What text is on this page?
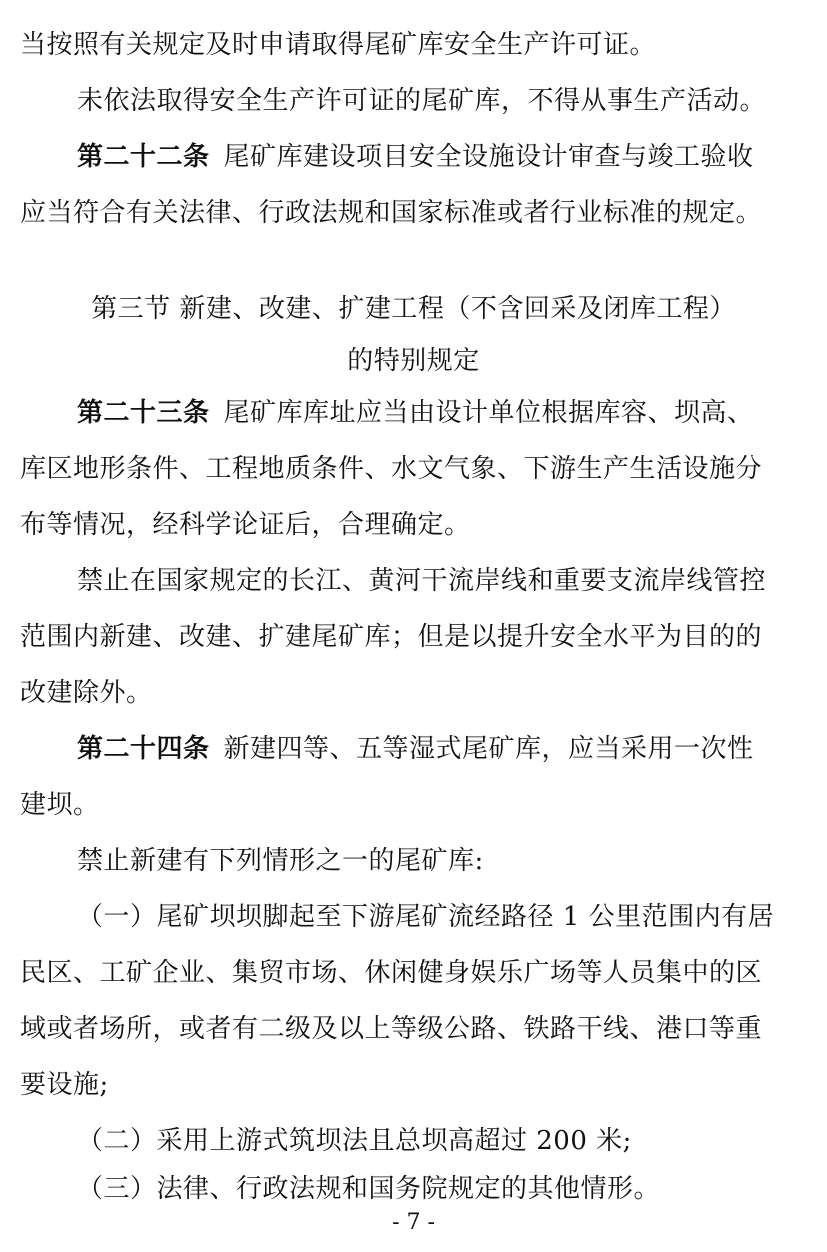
当按照有关规定及时申请取得尾矿库安全生产许可证。
未依法取得安全生产许可证的尾矿库，不得从事生产活动。
第二十二条 尾矿库建设项目安全设施设计审查与竣工验收
应当符合有关法律、行政法规和国家标准或者行业标准的规定。
第三节 新建、改建、扩建工程（不含回采及闭库工程）
的特别规定
第二十三条 尾矿库库址应当由设计单位根据库容、坝高、
库区地形条件、工程地质条件、水文气象、下游生产生活设施分
布等情况，经科学论证后，合理确定。
禁止在国家规定的长江、黄河干流岸线和重要支流岸线管控
范围内新建、改建、扩建尾矿库；但是以提升安全水平为目的的
改建除外。
第二十四条 新建四等、五等湿式尾矿库，应当采用一次性
建坝。
禁止新建有下列情形之一的尾矿库:
（一）尾矿坝坝脚起至下游尾矿流经路径 1 公里范围内有居
民区、工矿企业、集贸市场、休闲健身娱乐广场等人员集中的区
域或者场所，或者有二级及以上等级公路、铁路干线、港口等重
要设施;
（二）采用上游式筑坝法且总坝高超过 200 米;
（三）法律、行政法规和国务院规定的其他情形。
- 7 -
